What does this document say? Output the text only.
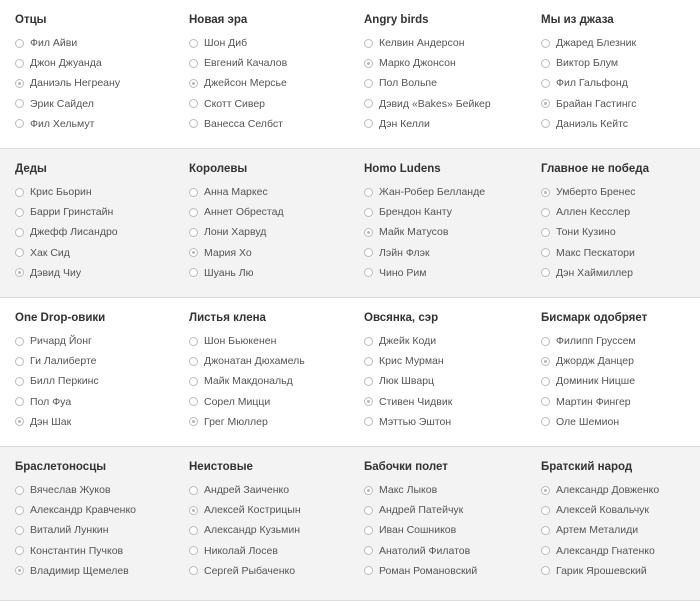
Отцы
Фил Айви
Джон Джуанда
Даниэль Негреану
Эрик Сайдел
Фил Хельмут
Новая эра
Шон Диб
Евгений Качалов
Джейсон Мерсье
Скотт Сивер
Ванесса Селбст
Angry birds
Келвин Андерсон
Марко Джонсон
Пол Вольпе
Дэвид «Bakes» Бейкер
Дэн Келли
Мы из джаза
Джаред Блезник
Виктор Блум
Фил Гальфонд
Брайан Гастингс
Даниэль Кейтс
Деды
Крис Бьорин
Барри Гринстайн
Джефф Лисандро
Хак Сид
Дэвид Чиу
Королевы
Анна Маркес
Аннет Обрестад
Лони Харвуд
Мария Хо
Шуань Лю
Homo Ludens
Жан-Робер Белланде
Брендон Канту
Майк Матусов
Лэйн Флэк
Чино Рим
Главное не победа
Умберто Бренес
Аллен Кесслер
Тони Кузино
Макс Пескатори
Дэн Хаймиллер
One Drop-овики
Ричард Йонг
Ги Лалиберте
Билл Перкинс
Пол Фуа
Дэн Шак
Листья клена
Шон Бьюкенен
Джонатан Дюхамель
Майк Макдональд
Сорел Мицци
Грег Мюллер
Овсянка, сэр
Джейк Коди
Крис Мурман
Люк Шварц
Стивен Чидвик
Мэттью Эштон
Бисмарк одобряет
Филипп Груссем
Джордж Данцер
Доминик Ницше
Мартин Фингер
Оле Шемион
Браслетоносцы
Вячеслав Жуков
Александр Кравченко
Виталий Лункин
Константин Пучков
Владимир Щемелев
Неистовые
Андрей Заиченко
Алексей Кострицын
Александр Кузьмин
Николай Лосев
Сергей Рыбаченко
Бабочки полет
Макс Лыков
Андрей Патейчук
Иван Сошников
Анатолий Филатов
Роман Романовский
Братский народ
Александр Довженко
Алексей Ковальчук
Артем Металиди
Александр Гнатенко
Гарик Ярошевский
